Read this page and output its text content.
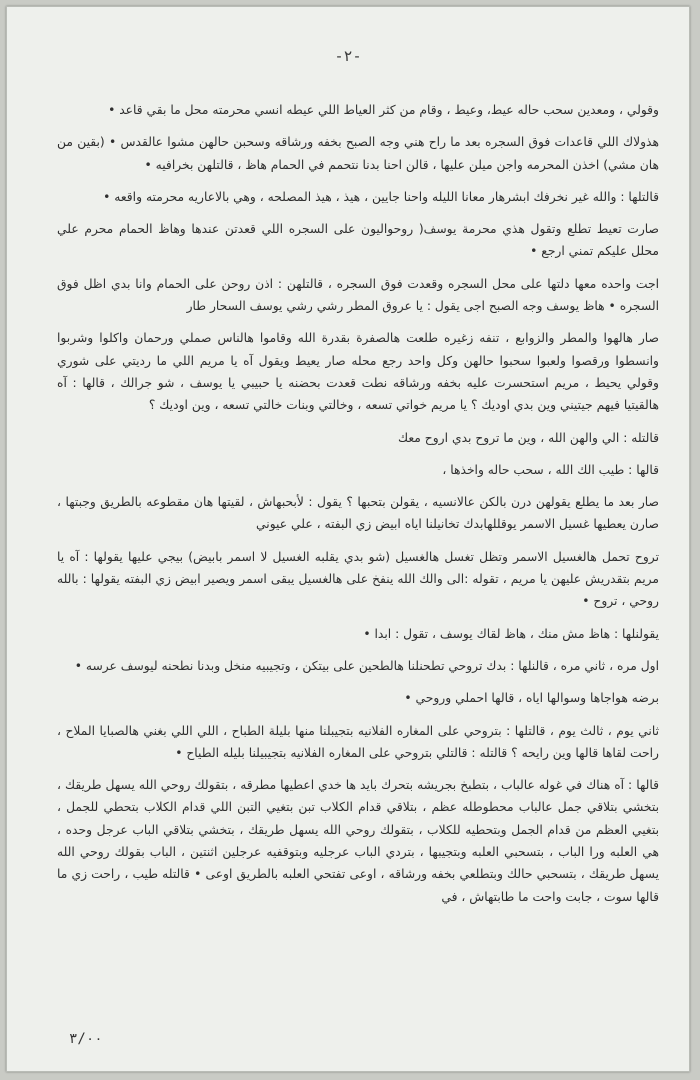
-٢-

وقولي ، ومعدين سحب حاله عيط، وعيط ، وقام من كثر العياط اللي عيطه انسي محرمته محل ما بقي قاعد •

هذولاك اللي قاعدات فوق السجره بعد ما راح هني وجه الصبح بخفه ورشاقه وسحبن حالهن مشوا عالقدس • (بقين من هان مشي) اخذن المحرمه واجن ميلن عليها ، قالن احنا بدنا نتحمم في الحمام هاظ ، قالتلهن بخرافيه •

قالتلها : والله غير نخرفك ابشرهار معانا الليله واحنا جايين ، هيذ ، هيذ المصلحه ، وهي بالاعاريه محرمته واقعه •

صارت تعيط تطلع وتقول هذي محرمة يوسف( روحواليون على السجره اللي قعدتن عندها وهاظ الحمام محرم علي محلل عليكم تمني ارجع •

اجت واحده معها دلتها على محل السجره وقعدت فوق السجره ، قالتلهن : اذن روحن على الحمام وانا بدي اظل فوق السجره • هاظ يوسف وجه الصبح اجى يقول : يا عروق المطر رشي رشي يوسف السحار طار

صار هالهوا والمطر والزوابع ، تنفه زغيره طلعت هالصفرة بقدرة الله وقاموا هالناس صملي ورحمان واكلوا وشربوا وانسطوا ورقصوا ولعبوا سحبوا حالهن وكل واحد رجع محله صار يعيط ويقول آه يا مريم اللي ما رديتي على شوري وقولي يحيط ، مريم استحسرت عليه بخفه ورشاقه نطت قعدت بحضنه يا حبيبي يا يوسف ، شو جرالك ، قالها : آه هالقيتيا فيهم جيتيني وين بدي اوديك ؟ يا مريم خواتي تسعه ، وخالتي وبنات خالتي تسعه ، وين اوديك ؟

قالتله : الي والهن الله ، وين ما تروح بدي اروح معك

قالها : طيب الك الله ، سحب حاله واخذها ،

صار بعد ما يطلع يقولهن درن بالكن عالانسيه ، يقولن بتحبها ؟ يقول : لأبحبهاش ، لقيتها هان مقطوعه بالطريق وجبتها ، صارن يعطيها غسيل الاسمر يوقللهابدك تخانيلنا اياه ابيض زي البفته ، علي عيوني

تروح تحمل هالغسيل الاسمر وتظل تغسل هالغسيل (شو بدي يقلبه الغسيل لا اسمر بابيض) بيجي عليها يقولها : آه يا مريم بتقدريش عليهن يا مريم ، تقوله :الى والك الله ينفخ على هالغسيل يبقى اسمر ويصير ابيض زي البفته يقولها : بالله روحي ، تروح •

يقولنلها : هاظ مش منك ، هاظ لقاك يوسف ، تقول : ابدا •

اول مره ، ثاني مره ، قالنلها : بدك تروحي تطحنلنا هالطحين على بيتكن ، وتجيبيه منخل وبدنا نطحنه ليوسف عرسه •

برضه هواجاها وسوالها اياه ، قالها احملي وروحي •

ثاني يوم ، ثالث يوم ، قالتلها : بتروحي على المغاره الفلانيه بتجيبلنا منها بليلة الطباح ، اللي اللي بغني هالصبايا الملاح ، راحت لقاها قالها وين رايحه ؟ قالتله : قالتلي بتروحي على المغاره الفلانيه بتجيبيلنا بليله الطياح •

قالها : آه هناك في غوله عالباب ، بتطبخ بجريشه بتحرك بايد ها خدي اعطيها مطرقه ، بتقولك روحي الله يسهل طريقك ، بتخشي بتلاقي جمل عالباب محطوطله عظم ، بتلاقي قدام الكلاب تبن بتغيي التبن اللي قدام الكلاب بتحطي للجمل ، بتغيي العظم من قدام الجمل وبتحطيه للكلاب ، بتقولك روحي الله يسهل طريقك ، بتخشي بتلاقي الباب عرجل وحده ، هي العلبه ورا الباب ، بتسحبي العلبه وبتجيبها ، بتردي الباب عرجليه وبتوقفيه عرجلين اثنتين ، الباب بقولك روحي الله يسهل طريقك ، بتسحبي حالك وبتطلعي بخفه ورشاقه ، اوعى تفتحي العلبه بالطريق اوعى • قالتله طيب ، راحت زي ما قالها سوت ، جابت واحت ما طابتهاش ، في

٣/٠٠
